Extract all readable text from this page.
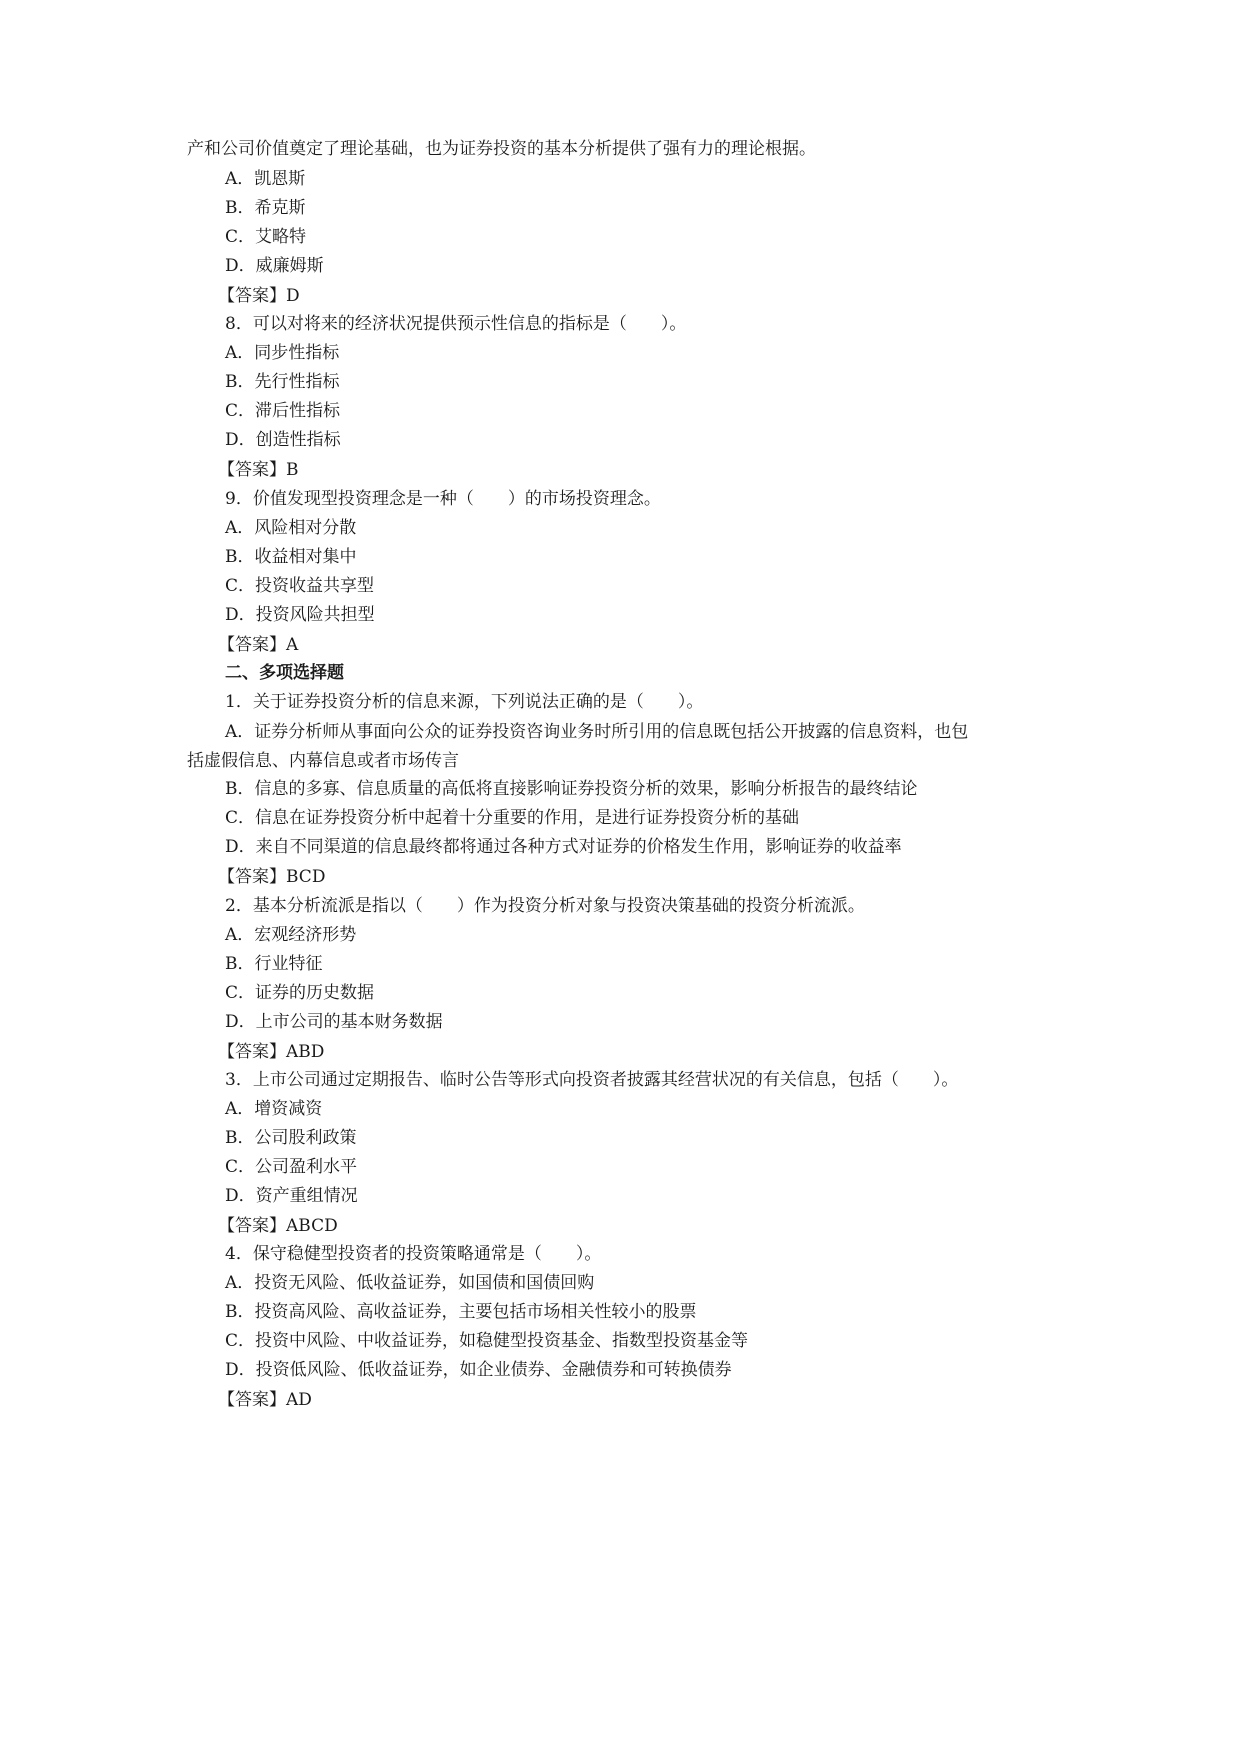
产和公司价值奠定了理论基础，也为证券投资的基本分析提供了强有力的理论根据。
A．凯恩斯
B．希克斯
C．艾略特
D．威廉姆斯
【答案】D
8．可以对将来的经济状况提供预示性信息的指标是（　　）。
A．同步性指标
B．先行性指标
C．滞后性指标
D．创造性指标
【答案】B
9．价值发现型投资理念是一种（　　）的市场投资理念。
A．风险相对分散
B．收益相对集中
C．投资收益共享型
D．投资风险共担型
【答案】A
二、多项选择题
1．关于证券投资分析的信息来源，下列说法正确的是（　　）。
A．证券分析师从事面向公众的证券投资咨询业务时所引用的信息既包括公开披露的信息资料，也包
括虚假信息、内幕信息或者市场传言
B．信息的多寡、信息质量的高低将直接影响证券投资分析的效果，影响分析报告的最终结论
C．信息在证券投资分析中起着十分重要的作用，是进行证券投资分析的基础
D．来自不同渠道的信息最终都将通过各种方式对证券的价格发生作用，影响证券的收益率
【答案】BCD
2．基本分析流派是指以（　　）作为投资分析对象与投资决策基础的投资分析流派。
A．宏观经济形势
B．行业特征
C．证券的历史数据
D．上市公司的基本财务数据
【答案】ABD
3．上市公司通过定期报告、临时公告等形式向投资者披露其经营状况的有关信息，包括（　　）。
A．增资减资
B．公司股利政策
C．公司盈利水平
D．资产重组情况
【答案】ABCD
4．保守稳健型投资者的投资策略通常是（　　）。
A．投资无风险、低收益证券，如国债和国债回购
B．投资高风险、高收益证券，主要包括市场相关性较小的股票
C．投资中风险、中收益证券，如稳健型投资基金、指数型投资基金等
D．投资低风险、低收益证券，如企业债券、金融债券和可转换债券
【答案】AD
